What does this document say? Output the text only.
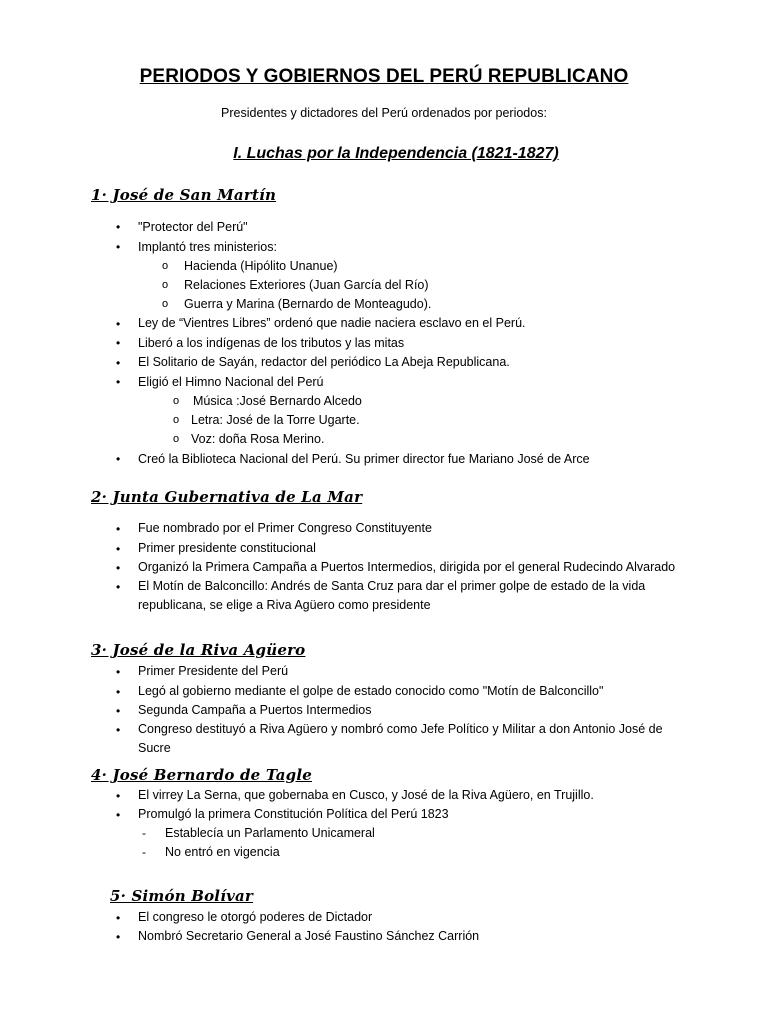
PERIODOS Y GOBIERNOS DEL PERÚ REPUBLICANO
Presidentes y dictadores del Perú ordenados por periodos:
I. Luchas por la Independencia (1821-1827)
1· José de San Martín
• "Protector del Perú"
• Implantó tres ministerios:
o Hacienda (Hipólito Unanue)
o Relaciones Exteriores (Juan García del Río)
o Guerra y Marina (Bernardo de Monteagudo).
• Ley de “Vientres Libres” ordenó que nadie naciera esclavo en el Perú.
• Liberó a los indígenas de los tributos y las mitas
• El Solitario de Sayán, redactor del periódico La Abeja Republicana.
• Eligió el Himno Nacional del Perú
o Música :José Bernardo Alcedo
o Letra: José de la Torre Ugarte.
o Voz: doña Rosa Merino.
• Creó la Biblioteca Nacional del Perú. Su primer director fue Mariano José de Arce
2· Junta Gubernativa de La Mar
• Fue nombrado por el Primer Congreso Constituyente
• Primer presidente constitucional
• Organizó la Primera Campaña a Puertos Intermedios, dirigida por el general Rudecindo Alvarado
• El Motín de Balconcillo: Andrés de Santa Cruz para dar el primer golpe de estado de la vida
republicana, se elige a Riva Agüero como presidente
3· José de la Riva Agüero
• Primer Presidente del Perú
• Legó al gobierno mediante el golpe de estado conocido como "Motín de Balconcillo"
• Segunda Campaña a Puertos Intermedios
• Congreso destituyó a Riva Agüero y nombró como Jefe Político y Militar a don Antonio José de
Sucre
4· José Bernardo de Tagle
• El virrey La Serna, que gobernaba en Cusco, y José de la Riva Agüero, en Trujillo.
• Promulgó la primera Constitución Política del Perú 1823
- Establecía un Parlamento Unicameral
- No entró en vigencia
5· Simón Bolívar
• El congreso le otorgó poderes de Dictador
• Nombró Secretario General a José Faustino Sánchez Carrión
